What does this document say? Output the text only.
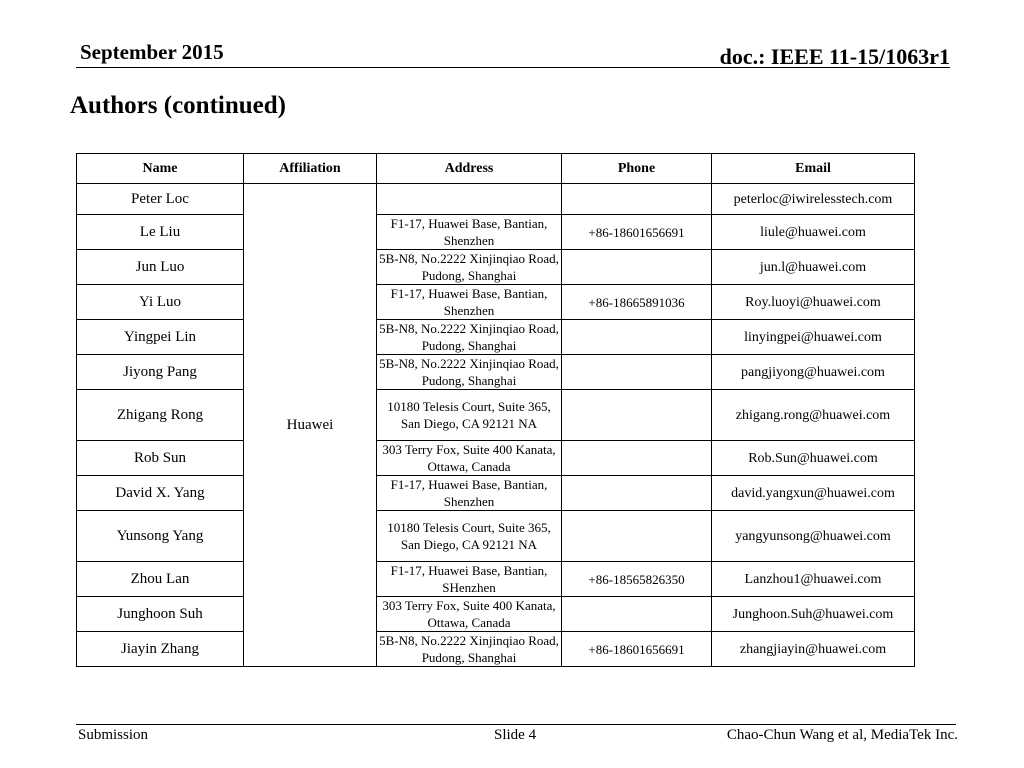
September 2015	doc.: IEEE 11-15/1063r1

Authors (continued)
Name	Affiliation	Address	Phone	Email
Peter Loc	Huawei			peterloc@iwirelesstech.com
Le Liu		F1-17, Huawei Base, Bantian, Shenzhen	+86-18601656691	liule@huawei.com
Jun Luo		5B-N8, No.2222 Xinjinqiao Road, Pudong, Shanghai		jun.l@huawei.com
Yi Luo		F1-17, Huawei Base, Bantian, Shenzhen	+86-18665891036	Roy.luoyi@huawei.com
Yingpei Lin		5B-N8, No.2222 Xinjinqiao Road, Pudong, Shanghai		linyingpei@huawei.com
Jiyong Pang		5B-N8, No.2222 Xinjinqiao Road, Pudong, Shanghai		pangjiyong@huawei.com
Zhigang Rong		10180 Telesis Court, Suite 365, San Diego, CA 92121 NA		zhigang.rong@huawei.com
Rob Sun		303 Terry Fox, Suite 400 Kanata, Ottawa, Canada		Rob.Sun@huawei.com
David X. Yang		F1-17, Huawei Base, Bantian, Shenzhen		david.yangxun@huawei.com
Yunsong Yang		10180 Telesis Court, Suite 365, San Diego, CA 92121 NA		yangyunsong@huawei.com
Zhou Lan		F1-17, Huawei Base, Bantian, SHenzhen	+86-18565826350	Lanzhou1@huawei.com
Junghoon Suh		303 Terry Fox, Suite 400 Kanata, Ottawa, Canada		Junghoon.Suh@huawei.com
Jiayin Zhang		5B-N8, No.2222 Xinjinqiao Road, Pudong, Shanghai	+86-18601656691	zhangjiayin@huawei.com

Submission	Slide 4	Chao-Chun Wang et al, MediaTek Inc.
